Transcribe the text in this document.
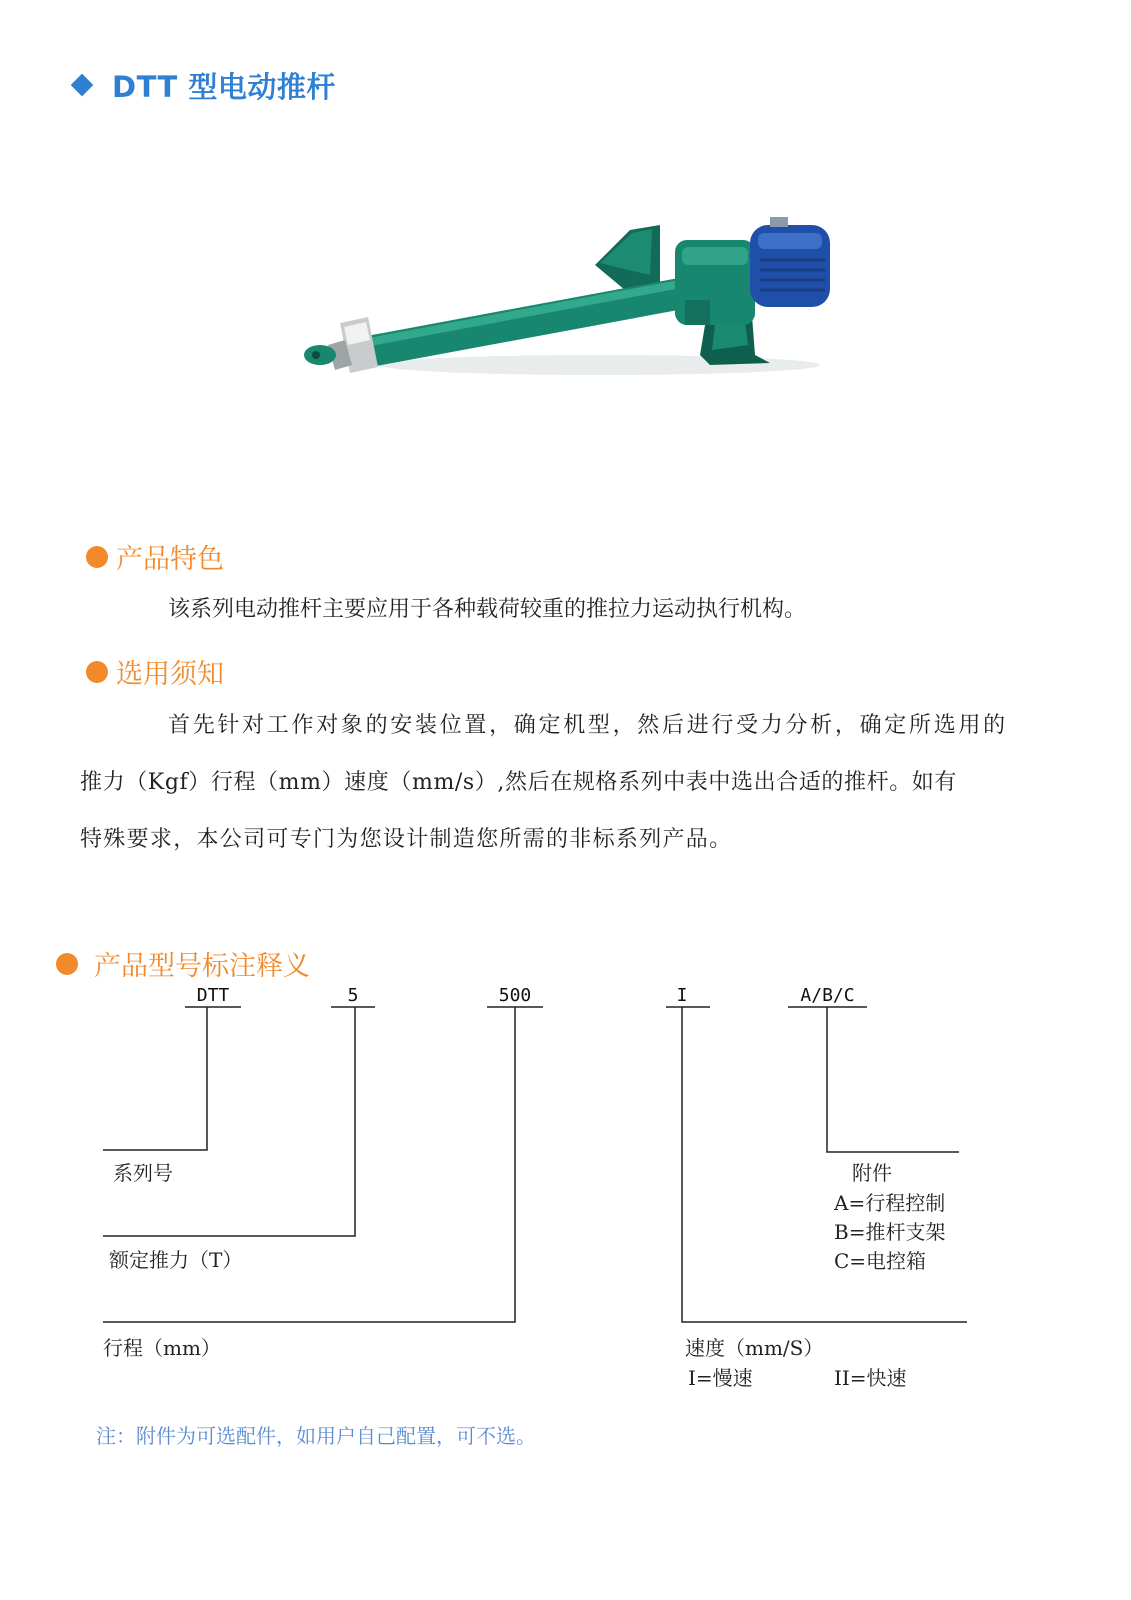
DTT 型电动推杆
产品特色
该系列电动推杆主要应用于各种载荷较重的推拉力运动执行机构。
选用须知
首先针对工作对象的安装位置，确定机型，然后进行受力分析，确定所选用的
推力（Kgf）行程（mm）速度（mm/s）,然后在规格系列中表中选出合适的推杆。如有
特殊要求，本公司可专门为您设计制造您所需的非标系列产品。
产品型号标注释义
DTT	5	500	I	A/B/C
系列号
额定推力（T）
行程（mm）	速度（mm/S）
I=慢速	II=快速
附件
A=行程控制
B=推杆支架
C=电控箱
注：附件为可选配件，如用户自己配置，可不选。
